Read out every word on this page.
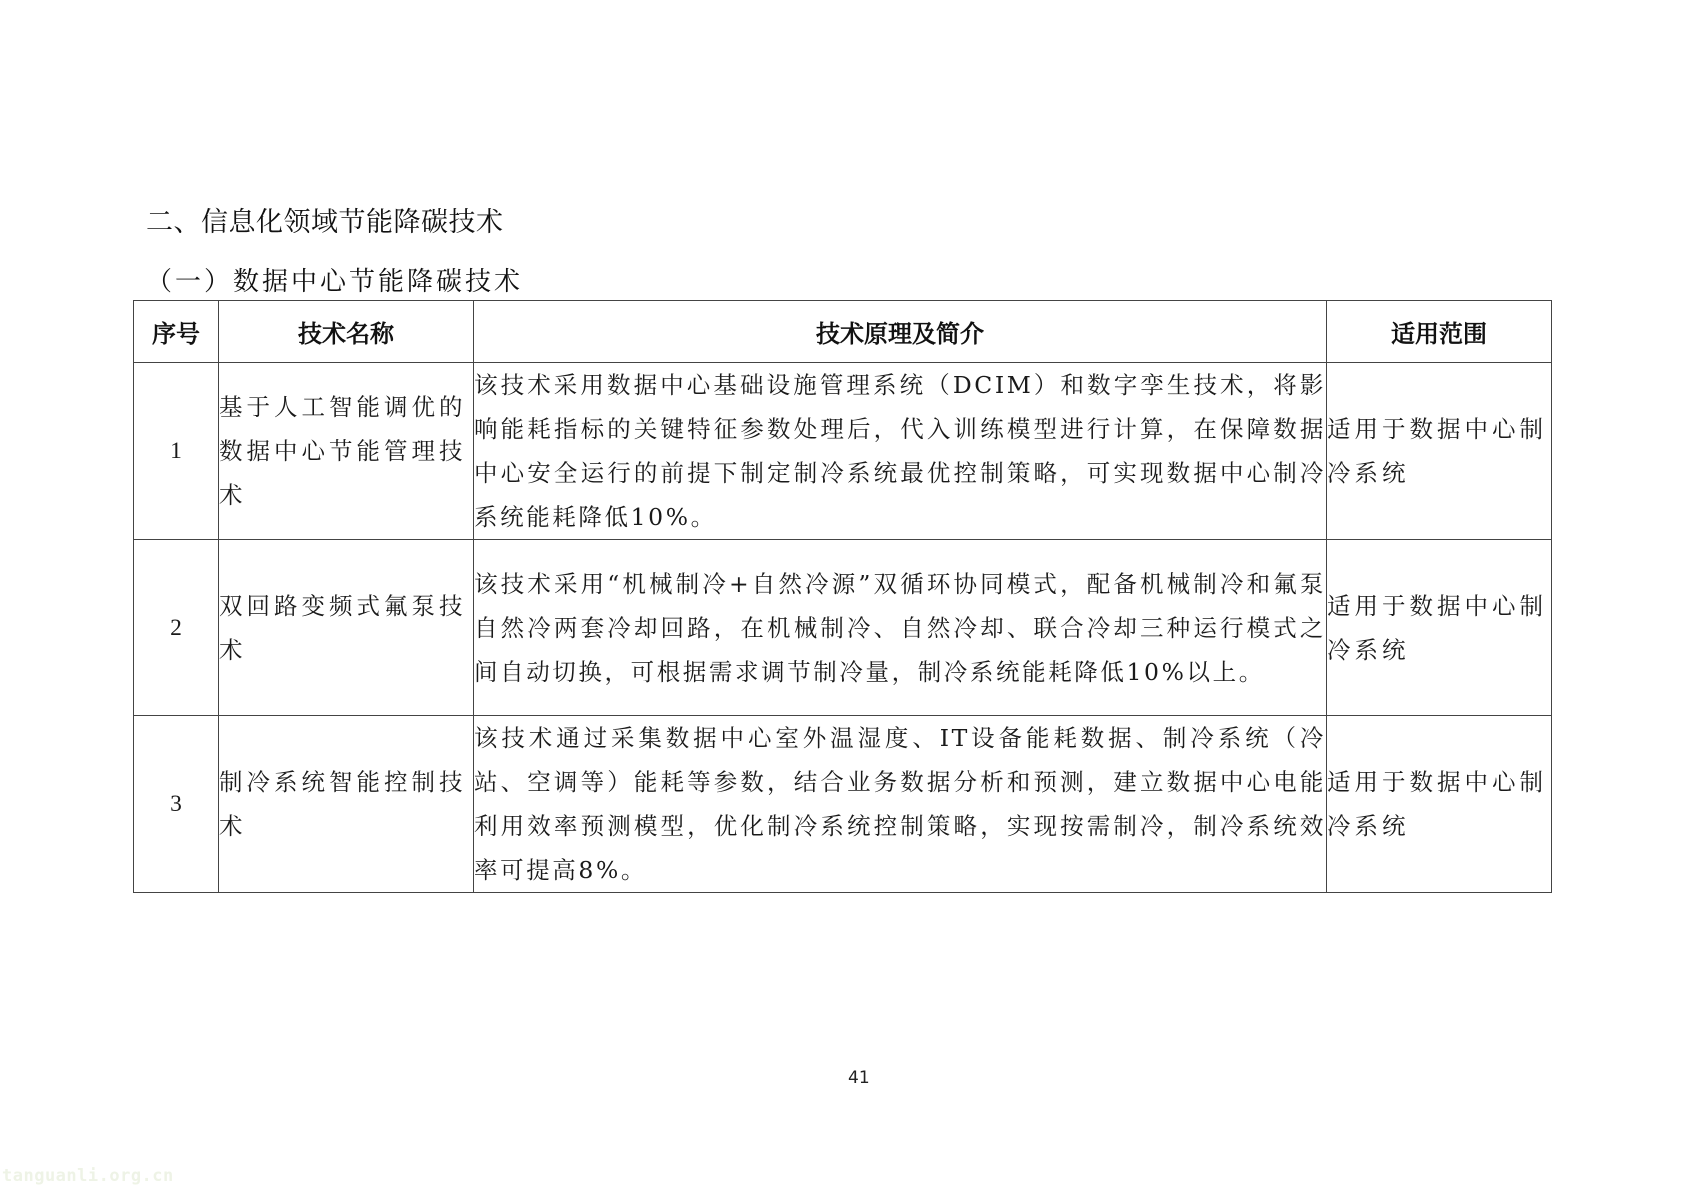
二、信息化领域节能降碳技术
（一）数据中心节能降碳技术
序号	技术名称	技术原理及简介	适用范围
1	基于人工智能调优的数据中心节能管理技术	该技术采用数据中心基础设施管理系统（DCIM）和数字孪生技术，将影响能耗指标的关键特征参数处理后，代入训练模型进行计算，在保障数据中心安全运行的前提下制定制冷系统最优控制策略，可实现数据中心制冷系统能耗降低10%。	适用于数据中心制冷系统
2	双回路变频式氟泵技术	该技术采用“机械制冷+自然冷源”双循环协同模式，配备机械制冷和氟泵自然冷两套冷却回路，在机械制冷、自然冷却、联合冷却三种运行模式之间自动切换，可根据需求调节制冷量，制冷系统能耗降低10%以上。	适用于数据中心制冷系统
3	制冷系统智能控制技术	该技术通过采集数据中心室外温湿度、IT设备能耗数据、制冷系统（冷站、空调等）能耗等参数，结合业务数据分析和预测，建立数据中心电能利用效率预测模型，优化制冷系统控制策略，实现按需制冷，制冷系统效率可提高8%。	适用于数据中心制冷系统
41
tanguanli.org.cn
